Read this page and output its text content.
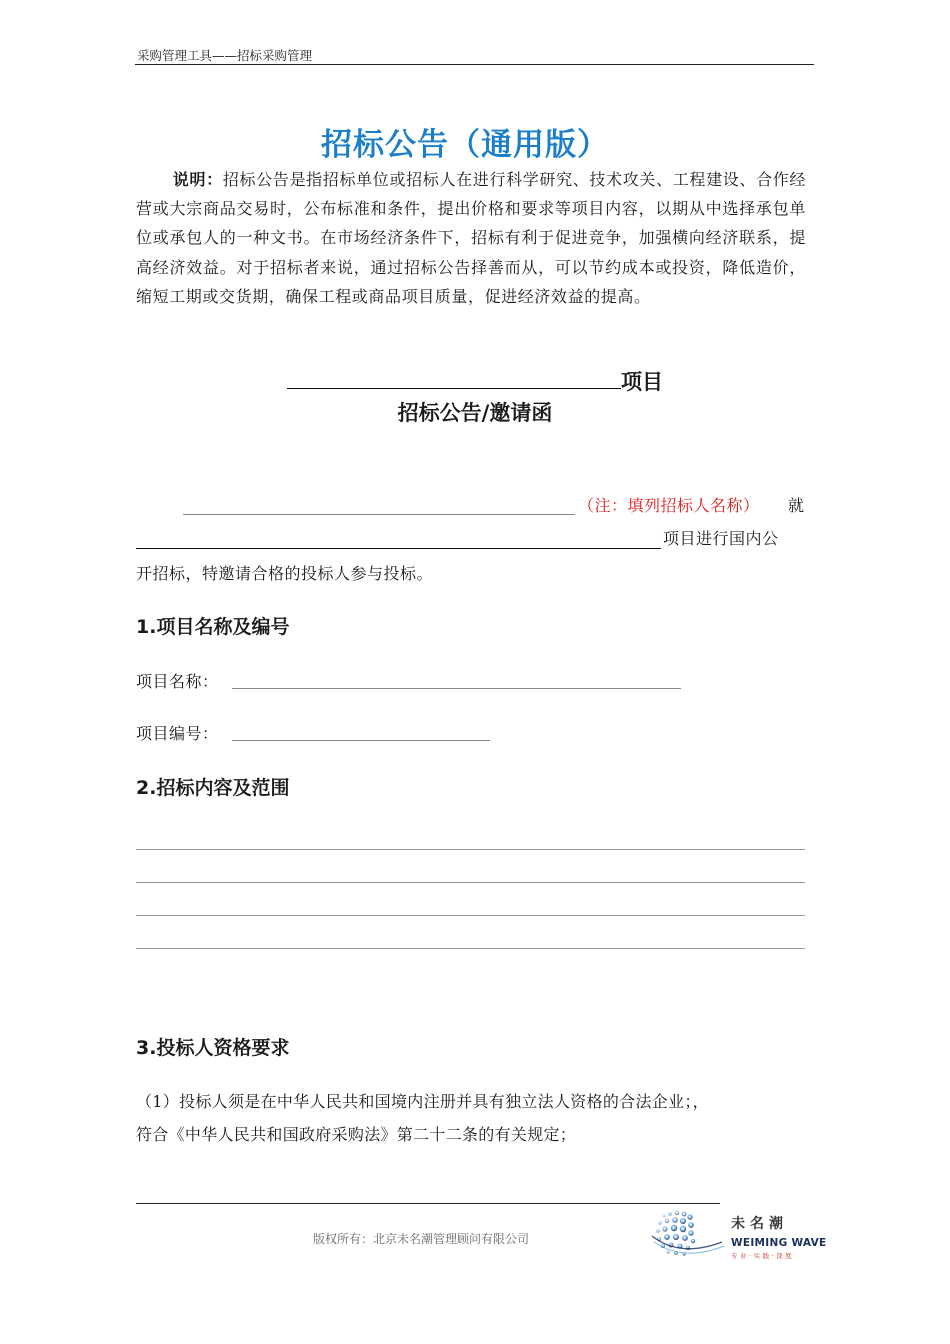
采购管理工具——招标采购管理
招标公告（通用版）
说明：招标公告是指招标单位或招标人在进行科学研究、技术攻关、工程建设、合作经营或大宗商品交易时，公布标准和条件，提出价格和要求等项目内容，以期从中选择承包单位或承包人的一种文书。在市场经济条件下，招标有利于促进竞争，加强横向经济联系，提高经济效益。对于招标者来说，通过招标公告择善而从，可以节约成本或投资，降低造价，缩短工期或交货期，确保工程或商品项目质量，促进经济效益的提高。
项目
招标公告/邀请函
（注：填列招标人名称） 就
项目进行国内公
开招标，特邀请合格的投标人参与投标。
1.项目名称及编号
项目名称：
项目编号：
2.招标内容及范围
3.投标人资格要求
（1）投标人须是在中华人民共和国境内注册并具有独立法人资格的合法企业；，
符合《中华人民共和国政府采购法》第二十二条的有关规定；
版权所有：北京未名潮管理顾问有限公司
未名潮
WEIMING WAVE
专业·实践·深度
